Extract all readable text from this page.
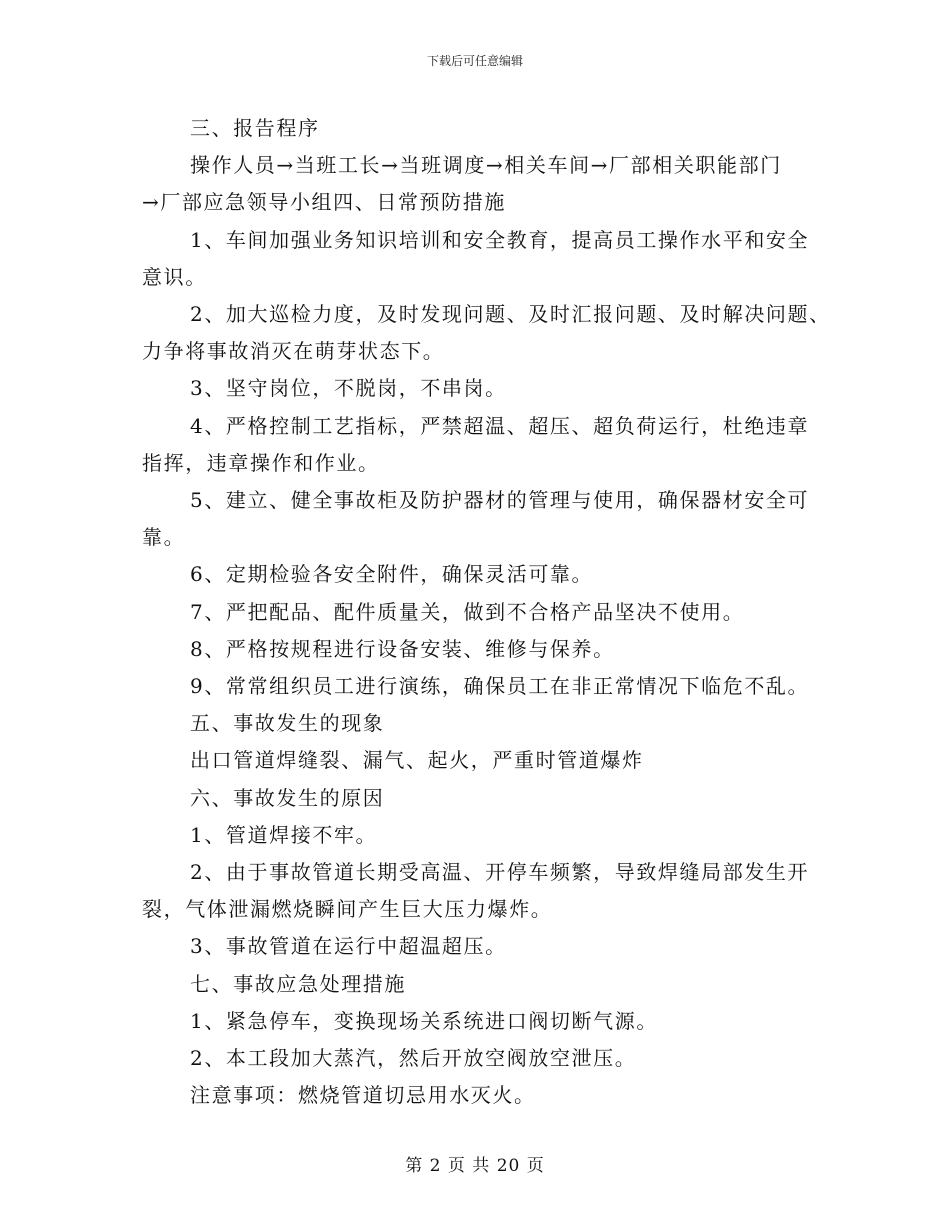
下载后可任意编辑

三、报告程序

操作人员→当班工长→当班调度→相关车间→厂部相关职能部门

→厂部应急领导小组四、日常预防措施

1、车间加强业务知识培训和安全教育，提高员工操作水平和安全

意识。

2、加大巡检力度，及时发现问题、及时汇报问题、及时解决问题、

力争将事故消灭在萌芽状态下。

3、坚守岗位，不脱岗，不串岗。

4、严格控制工艺指标，严禁超温、超压、超负荷运行，杜绝违章

指挥，违章操作和作业。

5、建立、健全事故柜及防护器材的管理与使用，确保器材安全可

靠。

6、定期检验各安全附件，确保灵活可靠。

7、严把配品、配件质量关，做到不合格产品坚决不使用。

8、严格按规程进行设备安装、维修与保养。

9、常常组织员工进行演练，确保员工在非正常情况下临危不乱。

五、事故发生的现象

出口管道焊缝裂、漏气、起火，严重时管道爆炸

六、事故发生的原因

1、管道焊接不牢。

2、由于事故管道长期受高温、开停车频繁，导致焊缝局部发生开

裂，气体泄漏燃烧瞬间产生巨大压力爆炸。

3、事故管道在运行中超温超压。

七、事故应急处理措施

1、紧急停车，变换现场关系统进口阀切断气源。

2、本工段加大蒸汽，然后开放空阀放空泄压。

注意事项：燃烧管道切忌用水灭火。

第 2 页 共 20 页
